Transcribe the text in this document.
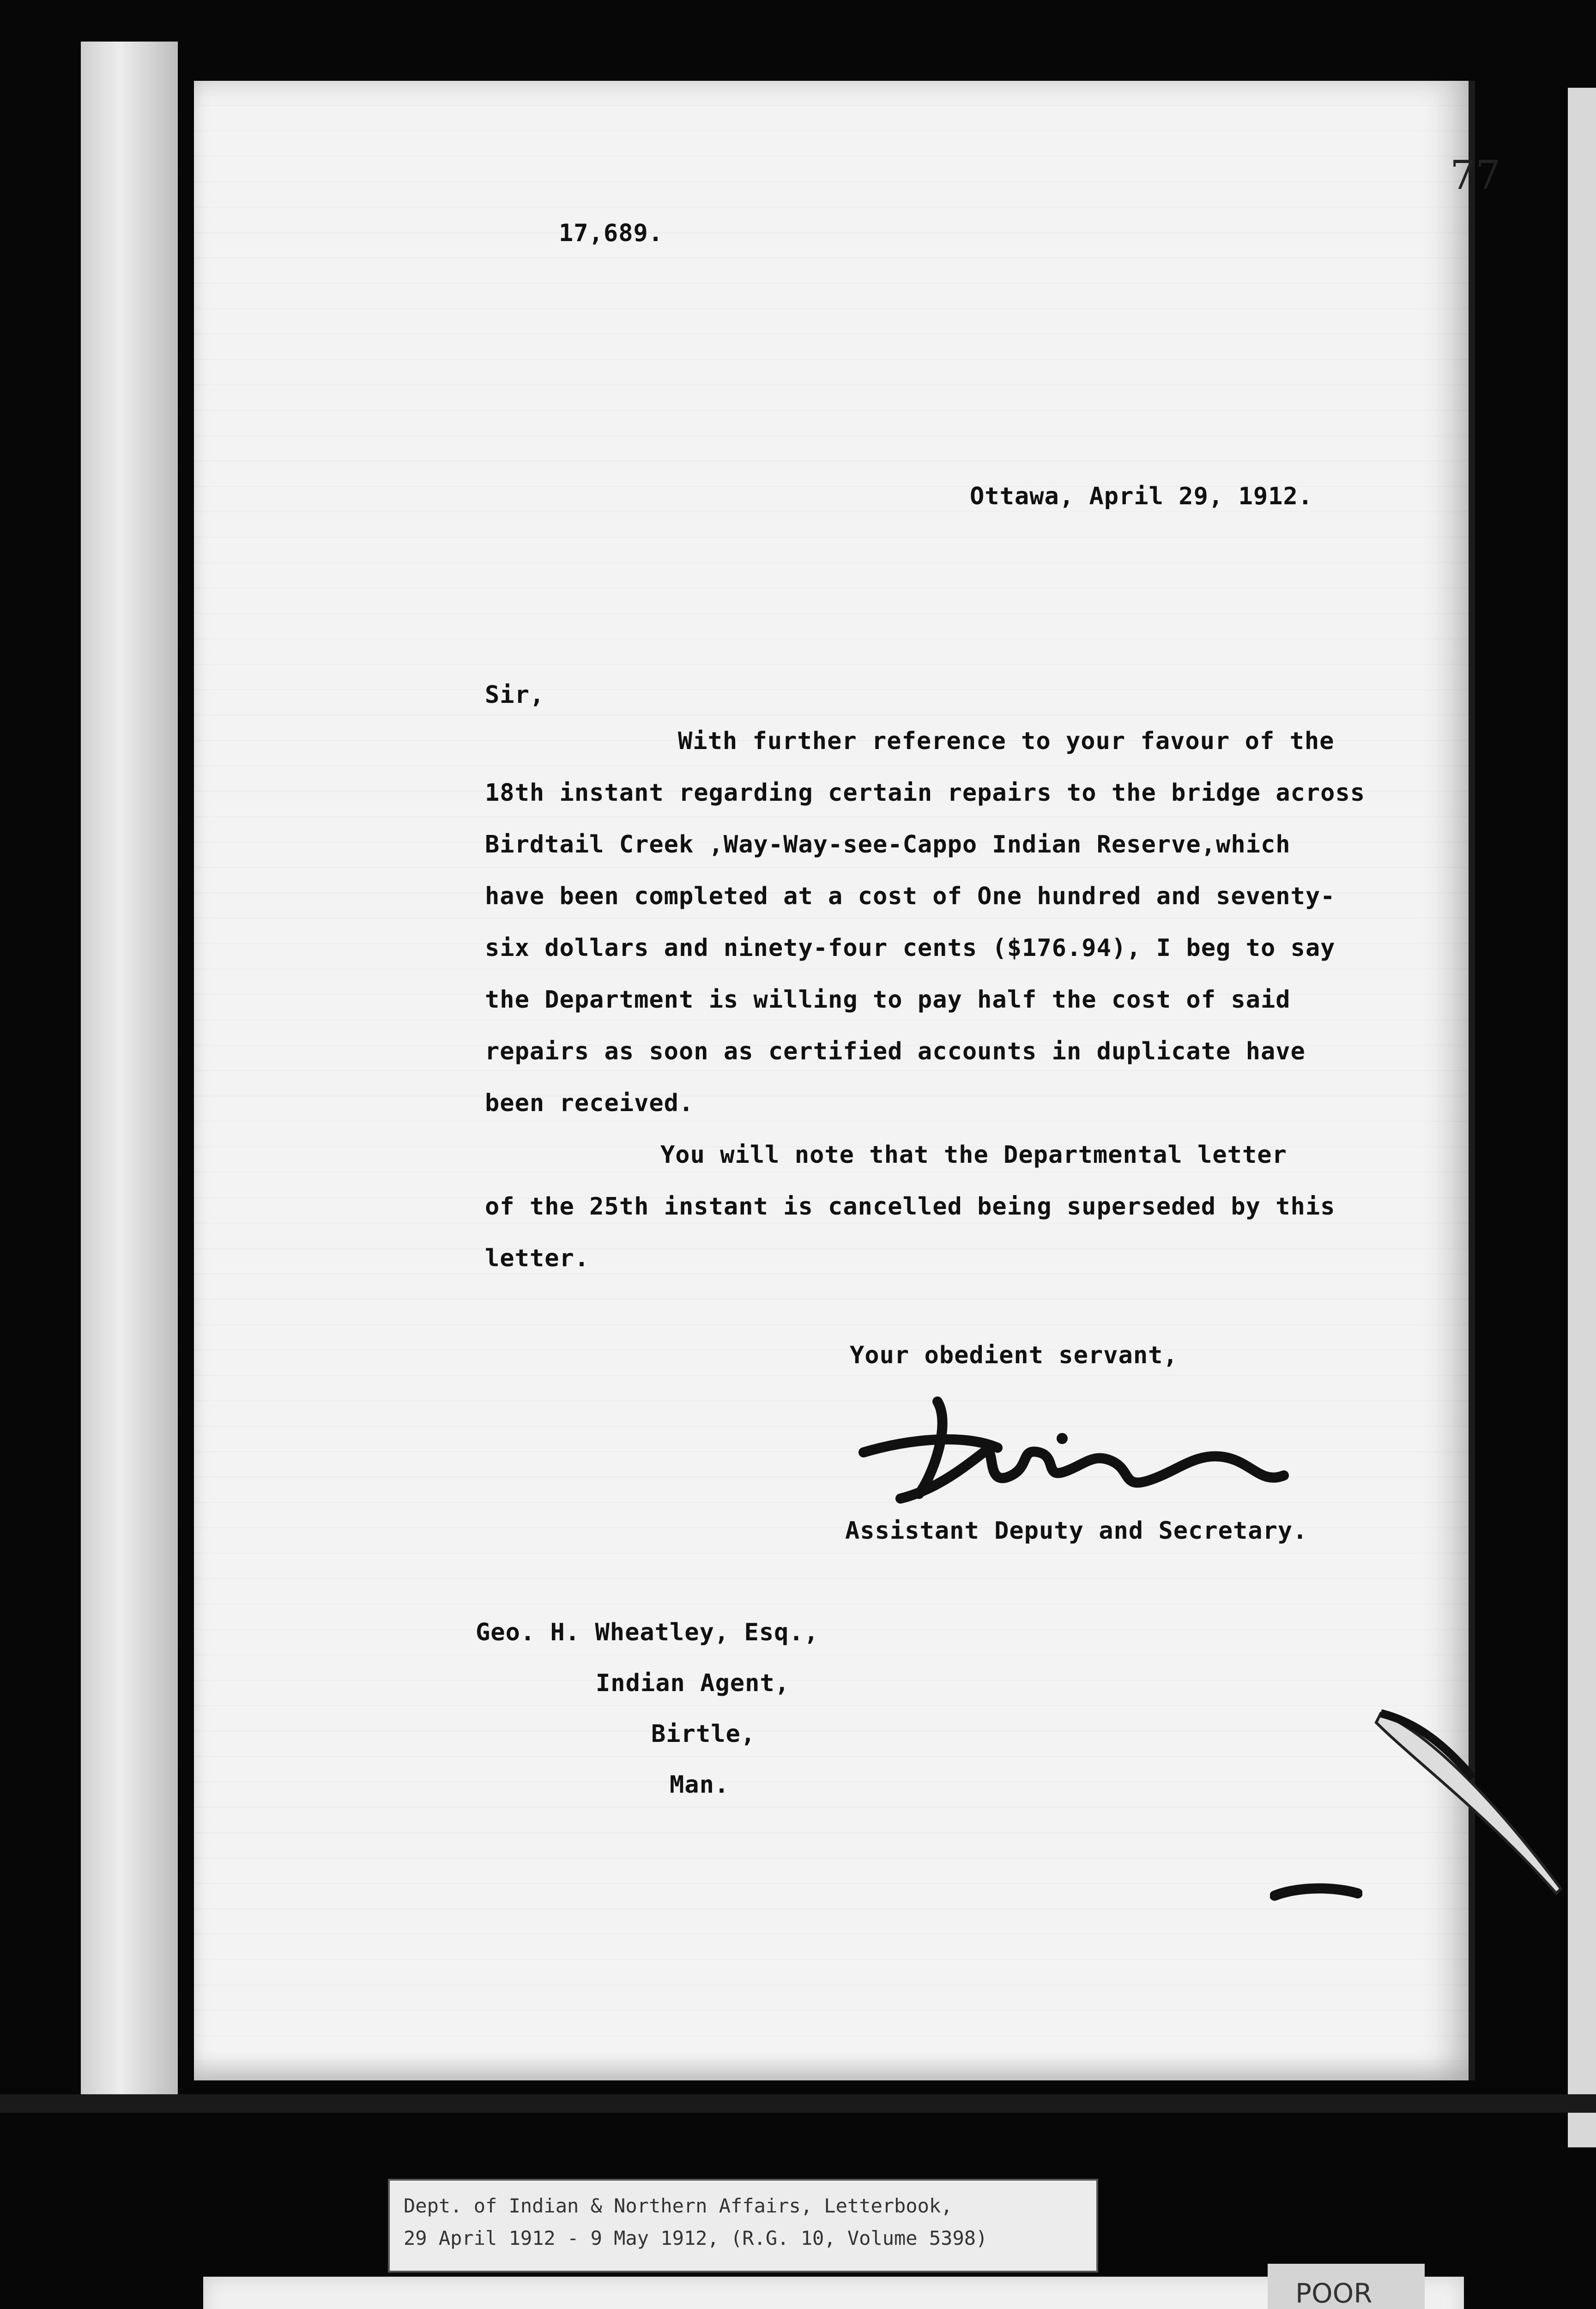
77
17,689.
Ottawa, April 29, 1912.
Sir,
With further reference to your favour of the
18th instant regarding certain repairs to the bridge across
Birdtail Creek ,Way-Way-see-Cappo Indian Reserve,which
have been completed at a cost of One hundred and seventy-
six dollars and ninety-four cents ($176.94), I beg to say
the Department is willing to pay half the cost of said
repairs as soon as certified accounts in duplicate have
been received.
You will note that the Departmental letter
of the 25th instant is cancelled being superseded by this
letter.
Your obedient servant,
Assistant Deputy and Secretary.
Geo. H. Wheatley, Esq.,
Indian Agent,
Birtle,
Man.
Dept. of Indian & Northern Affairs, Letterbook,
29 April 1912 - 9 May 1912, (R.G. 10, Volume 5398)
POOR
